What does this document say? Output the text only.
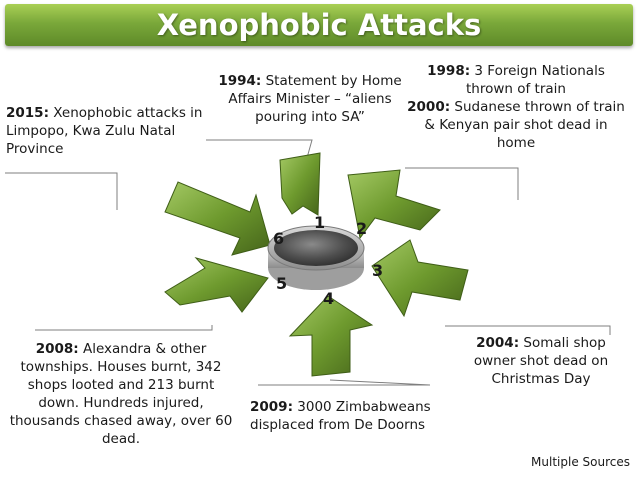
Xenophobic Attacks
1 2
3
4
5
6
1994: Statement by Home Affairs Minister – “aliens pouring into SA”
1998: 3 Foreign Nationals thrown of train
2000: Sudanese thrown of train & Kenyan pair shot dead in home
2004: Somali shop owner shot dead on Christmas Day
2009: 3000 Zimbabweans displaced from De Doorns
2008: Alexandra & other townships. Houses burnt, 342 shops looted and 213 burnt down. Hundreds injured, thousands chased away, over 60 dead.
2015: Xenophobic attacks in Limpopo, Kwa Zulu Natal Province
Multiple Sources
